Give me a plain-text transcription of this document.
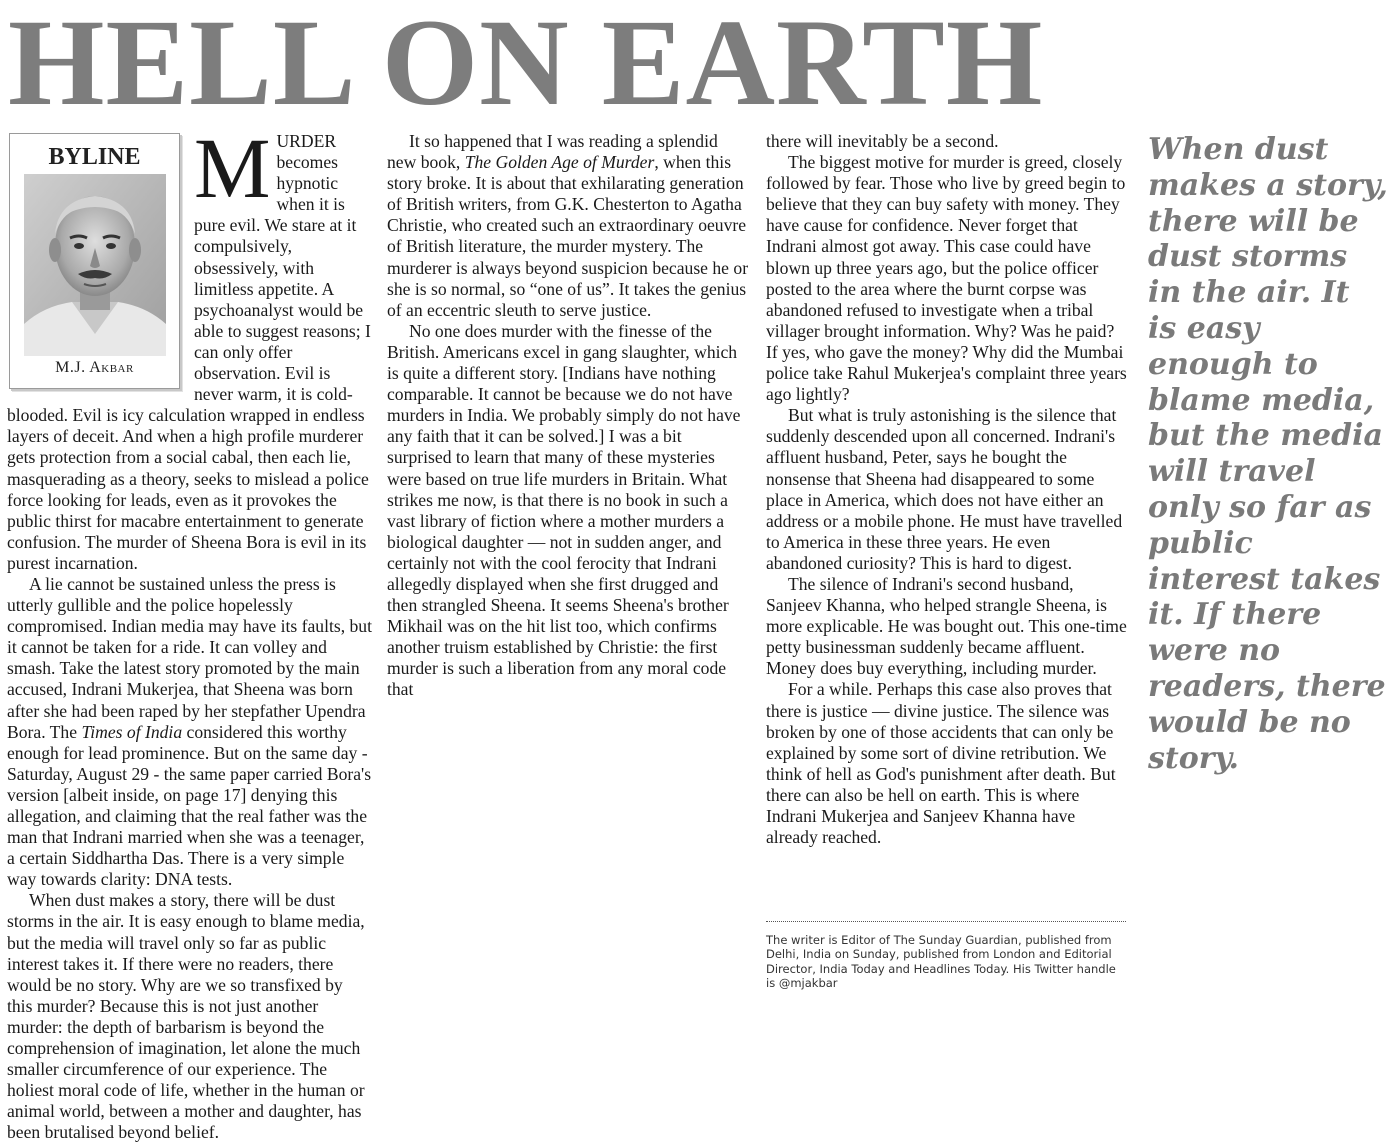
HELL ON EARTH
BYLINE
M.J. Akbar

MURDER becomes hypnotic when it is pure evil. We stare at it compulsively, obsessively, with limitless appetite. A psychoanalyst would be able to suggest reasons; I can only offer observation. Evil is never warm, it is cold-blooded. Evil is icy calculation wrapped in endless layers of deceit. And when a high profile murderer gets protection from a social cabal, then each lie, masquerading as a theory, seeks to mislead a police force looking for leads, even as it provokes the public thirst for macabre entertainment to generate confusion. The murder of Sheena Bora is evil in its purest incarnation.

A lie cannot be sustained unless the press is utterly gullible and the police hopelessly compromised. Indian media may have its faults, but it cannot be taken for a ride. It can volley and smash. Take the latest story promoted by the main accused, Indrani Mukerjea, that Sheena was born after she had been raped by her stepfather Upendra Bora. The Times of India considered this worthy enough for lead prominence. But on the same day - Saturday, August 29 - the same paper carried Bora's version [albeit inside, on page 17] denying this allegation, and claiming that the real father was the man that Indrani married when she was a teenager, a certain Siddhartha Das. There is a very simple way towards clarity: DNA tests.

When dust makes a story, there will be dust storms in the air. It is easy enough to blame media, but the media will travel only so far as public interest takes it. If there were no readers, there would be no story. Why are we so transfixed by this murder? Because this is not just another murder: the depth of barbarism is beyond the comprehension of imagination, let alone the much smaller circumference of our experience. The holiest moral code of life, whether in the human or animal world, between a mother and daughter, has been brutalised beyond belief.

It so happened that I was reading a splendid new book, The Golden Age of Murder, when this story broke. It is about that exhilarating generation of British writers, from G.K. Chesterton to Agatha Christie, who created such an extraordinary oeuvre of British literature, the murder mystery. The murderer is always beyond suspicion because he or she is so normal, so “one of us”. It takes the genius of an eccentric sleuth to serve justice.

No one does murder with the finesse of the British. Americans excel in gang slaughter, which is quite a different story. [Indians have nothing comparable. It cannot be because we do not have murders in India. We probably simply do not have any faith that it can be solved.] I was a bit surprised to learn that many of these mysteries were based on true life murders in Britain. What strikes me now, is that there is no book in such a vast library of fiction where a mother murders a biological daughter — not in sudden anger, and certainly not with the cool ferocity that Indrani allegedly displayed when she first drugged and then strangled Sheena. It seems Sheena's brother Mikhail was on the hit list too, which confirms another truism established by Christie: the first murder is such a liberation from any moral code that

there will inevitably be a second.

The biggest motive for murder is greed, closely followed by fear. Those who live by greed begin to believe that they can buy safety with money. They have cause for confidence. Never forget that Indrani almost got away. This case could have blown up three years ago, but the police officer posted to the area where the burnt corpse was abandoned refused to investigate when a tribal villager brought information. Why? Was he paid? If yes, who gave the money? Why did the Mumbai police take Rahul Mukerjea's complaint three years ago lightly?

But what is truly astonishing is the silence that suddenly descended upon all concerned. Indrani's affluent husband, Peter, says he bought the nonsense that Sheena had disappeared to some place in America, which does not have either an address or a mobile phone. He must have travelled to America in these three years. He even abandoned curiosity? This is hard to digest.

The silence of Indrani's second husband, Sanjeev Khanna, who helped strangle Sheena, is more explicable. He was bought out. This one-time petty businessman suddenly became affluent. Money does buy everything, including murder.

For a while. Perhaps this case also proves that there is justice — divine justice. The silence was broken by one of those accidents that can only be explained by some sort of divine retribution. We think of hell as God's punishment after death. But there can also be hell on earth. This is where Indrani Mukerjea and Sanjeev Khanna have already reached.

The writer is Editor of The Sunday Guardian, published from Delhi, India on Sunday, published from London and Editorial Director, India Today and Headlines Today. His Twitter handle is @mjakbar
When dust makes a story, there will be dust storms in the air. It is easy enough to blame media, but the media will travel only so far as public interest takes it. If there were no readers, there would be no story.
